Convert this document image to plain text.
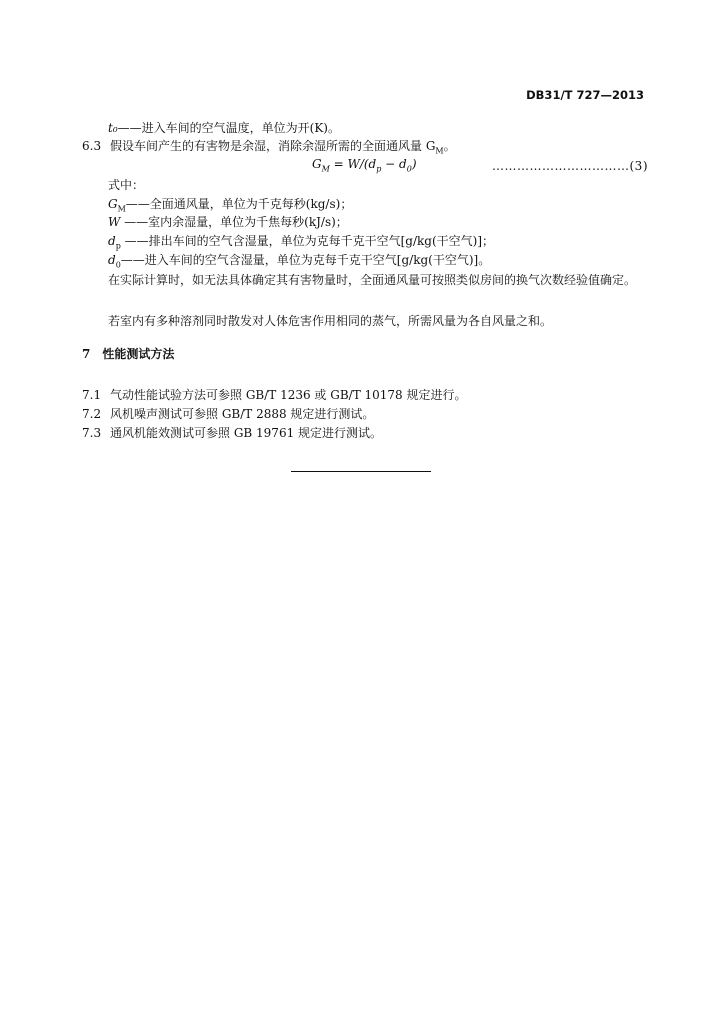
DB31/T 727—2013
t₀——进入车间的空气温度，单位为开(K)。
6.3 假设车间产生的有害物是余湿，消除余湿所需的全面通风量 $G_M$。
$G_M = W/(d_p - d_0)$	……………………………(3)
式中：
$G_M——$全面通风量，单位为千克每秒(kg/s)；
W ——室内余湿量，单位为千焦每秒(kJ/s)；
$d_p$ ——排出车间的空气含湿量，单位为克每千克干空气[g/kg(干空气)]；
$d_0——$进入车间的空气含湿量，单位为克每千克干空气[g/kg(干空气)]。
在实际计算时，如无法具体确定其有害物量时，全面通风量可按照类似房间的换气次数经验值确定。
若室内有多种溶剂同时散发对人体危害作用相同的蒸气，所需风量为各自风量之和。
7　性能测试方法
7.1 气动性能试验方法可参照 GB/T 1236 或 GB/T 10178 规定进行。
7.2 风机噪声测试可参照 GB/T 2888 规定进行测试。
7.3 通风机能效测试可参照 GB 19761 规定进行测试。
